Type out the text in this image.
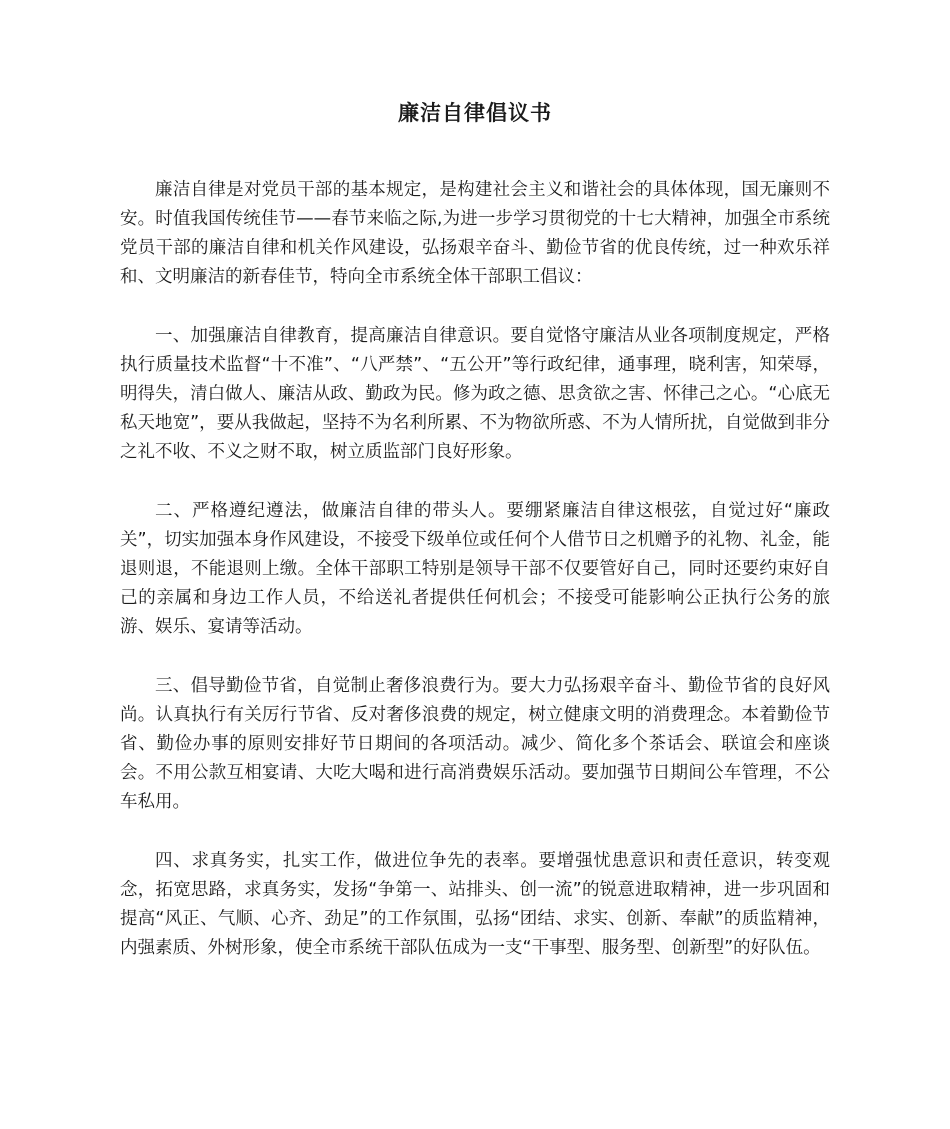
廉洁自律倡议书

廉洁自律是对党员干部的基本规定，是构建社会主义和谐社会的具体体现，国无廉则不安。时值我国传统佳节——春节来临之际,为进一步学习贯彻党的十七大精神，加强全市系统党员干部的廉洁自律和机关作风建设，弘扬艰辛奋斗、勤俭节省的优良传统，过一种欢乐祥和、文明廉洁的新春佳节，特向全市系统全体干部职工倡议：

一、加强廉洁自律教育，提高廉洁自律意识。要自觉恪守廉洁从业各项制度规定，严格执行质量技术监督“十不准”、“八严禁”、“五公开”等行政纪律，通事理，晓利害，知荣辱，明得失，清白做人、廉洁从政、勤政为民。修为政之德、思贪欲之害、怀律己之心。“心底无私天地宽”，要从我做起，坚持不为名利所累、不为物欲所惑、不为人情所扰，自觉做到非分之礼不收、不义之财不取，树立质监部门良好形象。

二、严格遵纪遵法，做廉洁自律的带头人。要绷紧廉洁自律这根弦，自觉过好“廉政关”，切实加强本身作风建设，不接受下级单位或任何个人借节日之机赠予的礼物、礼金，能退则退，不能退则上缴。全体干部职工特别是领导干部不仅要管好自己，同时还要约束好自己的亲属和身边工作人员，不给送礼者提供任何机会；不接受可能影响公正执行公务的旅游、娱乐、宴请等活动。

三、倡导勤俭节省，自觉制止奢侈浪费行为。要大力弘扬艰辛奋斗、勤俭节省的良好风尚。认真执行有关厉行节省、反对奢侈浪费的规定，树立健康文明的消费理念。本着勤俭节省、勤俭办事的原则安排好节日期间的各项活动。减少、简化多个茶话会、联谊会和座谈会。不用公款互相宴请、大吃大喝和进行高消费娱乐活动。要加强节日期间公车管理，不公车私用。

四、求真务实，扎实工作，做进位争先的表率。要增强忧患意识和责任意识，转变观念，拓宽思路，求真务实，发扬“争第一、站排头、创一流”的锐意进取精神，进一步巩固和提高“风正、气顺、心齐、劲足”的工作氛围，弘扬“团结、求实、创新、奉献”的质监精神，内强素质、外树形象，使全市系统干部队伍成为一支“干事型、服务型、创新型”的好队伍。
